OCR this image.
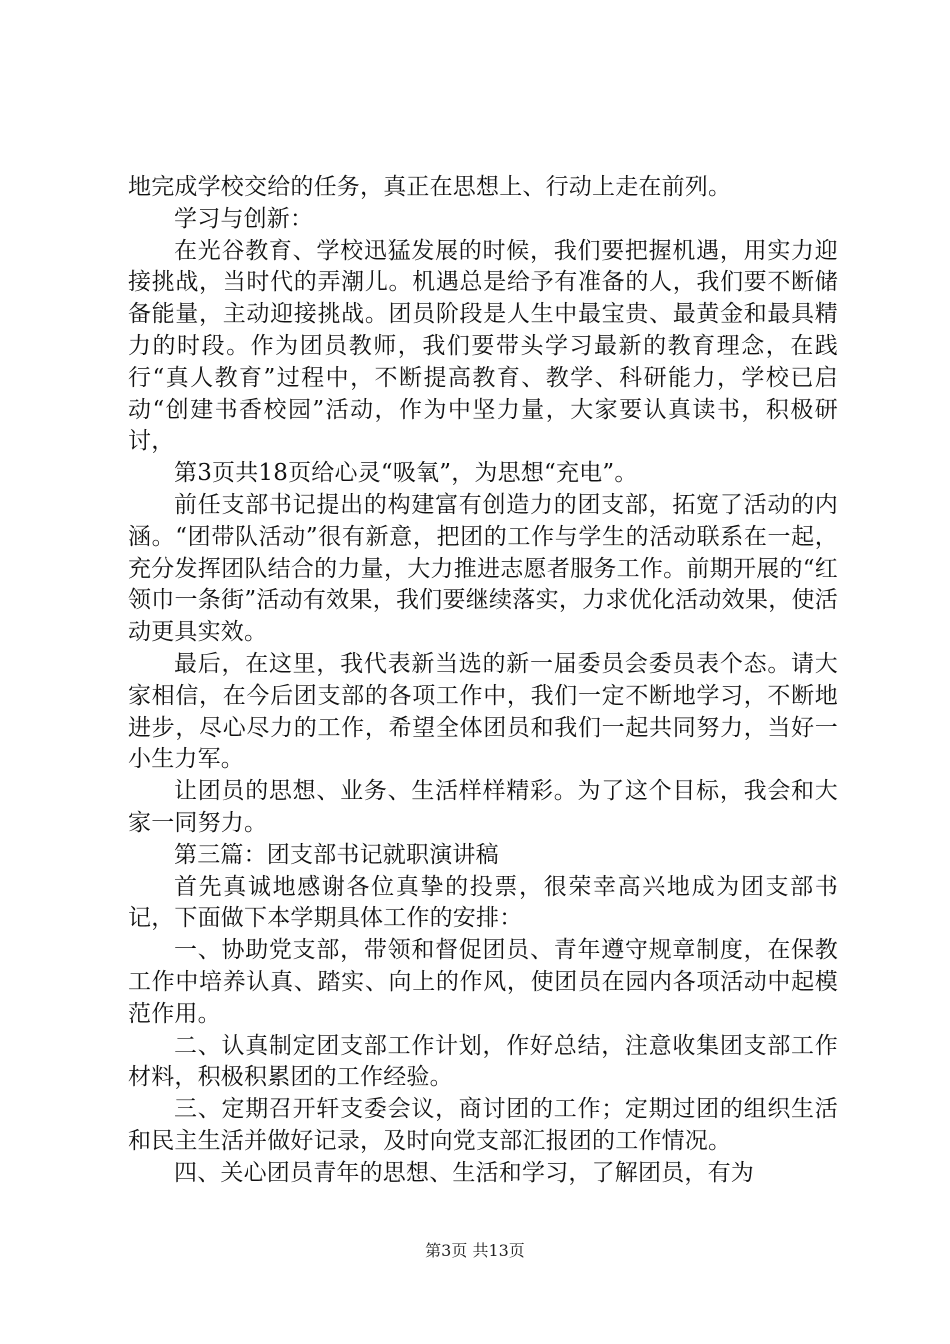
地完成学校交给的任务，真正在思想上、行动上走在前列。

学习与创新：

在光谷教育、学校迅猛发展的时候，我们要把握机遇，用实力迎接挑战，当时代的弄潮儿。机遇总是给予有准备的人，我们要不断储备能量，主动迎接挑战。团员阶段是人生中最宝贵、最黄金和最具精力的时段。作为团员教师，我们要带头学习最新的教育理念，在践行“真人教育”过程中，不断提高教育、教学、科研能力，学校已启动“创建书香校园”活动，作为中坚力量，大家要认真读书，积极研讨，

第3页共18页给心灵“吸氧”，为思想“充电”。

前任支部书记提出的构建富有创造力的团支部，拓宽了活动的内涵。“团带队活动”很有新意，把团的工作与学生的活动联系在一起，充分发挥团队结合的力量，大力推进志愿者服务工作。前期开展的“红领巾一条街”活动有效果，我们要继续落实，力求优化活动效果，使活动更具实效。

最后，在这里，我代表新当选的新一届委员会委员表个态。请大家相信，在今后团支部的各项工作中，我们一定不断地学习，不断地进步，尽心尽力的工作，希望全体团员和我们一起共同努力，当好一小生力军。

让团员的思想、业务、生活样样精彩。为了这个目标，我会和大家一同努力。

第三篇：团支部书记就职演讲稿

首先真诚地感谢各位真挚的投票，很荣幸高兴地成为团支部书记，下面做下本学期具体工作的安排：

一、协助党支部，带领和督促团员、青年遵守规章制度，在保教工作中培养认真、踏实、向上的作风，使团员在园内各项活动中起模范作用。

二、认真制定团支部工作计划，作好总结，注意收集团支部工作材料，积极积累团的工作经验。

三、定期召开轩支委会议，商讨团的工作；定期过团的组织生活和民主生活并做好记录，及时向党支部汇报团的工作情况。

四、关心团员青年的思想、生活和学习，了解团员，有为

第3页 共13页
